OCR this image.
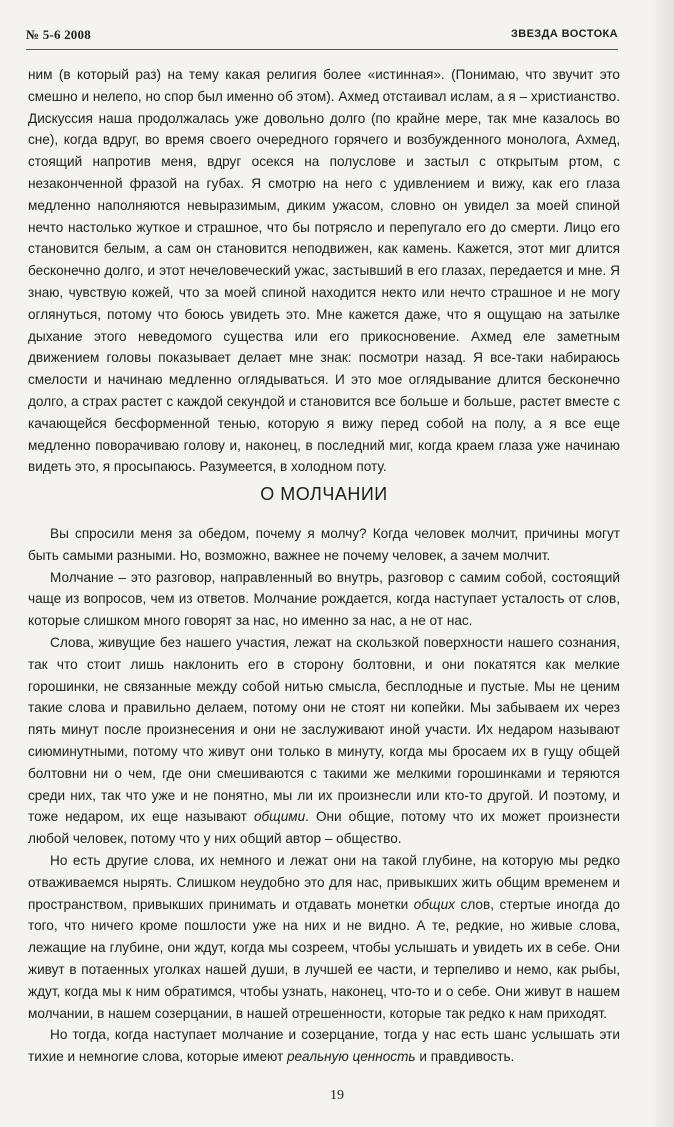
№ 5-6 2008	ЗВЕЗДА ВОСТОКА

ним (в который раз) на тему какая религия более «истинная». (Понимаю, что звучит это смешно и нелепо, но спор был именно об этом). Ахмед отстаивал ислам, а я – христианство. Дискуссия наша продолжалась уже довольно долго (по крайне мере, так мне казалось во сне), когда вдруг, во время своего очередного горячего и возбужденного монолога, Ахмед, стоящий напротив меня, вдруг осекся на полуслове и застыл с открытым ртом, с незаконченной фразой на губах. Я смотрю на него с удивлением и вижу, как его глаза медленно наполняются невыразимым, диким ужасом, словно он увидел за моей спиной нечто настолько жуткое и страшное, что бы потрясло и перепугало его до смерти. Лицо его становится белым, а сам он становится неподвижен, как камень. Кажется, этот миг длится бесконечно долго, и этот нечеловеческий ужас, застывший в его глазах, передается и мне. Я знаю, чувствую кожей, что за моей спиной находится некто или нечто страшное и не могу оглянуться, потому что боюсь увидеть это. Мне кажется даже, что я ощущаю на затылке дыхание этого неведомого существа или его прикосновение. Ахмед еле заметным движением головы показывает делает мне знак: посмотри назад. Я все-таки набираюсь смелости и начинаю медленно оглядываться. И это мое оглядывание длится бесконечно долго, а страх растет с каждой секундой и становится все больше и больше, растет вместе с качающейся бесформенной тенью, которую я вижу перед собой на полу, а я все еще медленно поворачиваю голову и, наконец, в последний миг, когда краем глаза уже начинаю видеть это, я просыпаюсь. Разумеется, в холодном поту.

О МОЛЧАНИИ

Вы спросили меня за обедом, почему я молчу? Когда человек молчит, причины могут быть самыми разными. Но, возможно, важнее не почему человек, а зачем молчит.

Молчание – это разговор, направленный во внутрь, разговор с самим собой, состоящий чаще из вопросов, чем из ответов. Молчание рождается, когда наступает усталость от слов, которые слишком много говорят за нас, но именно за нас, а не от нас.

Слова, живущие без нашего участия, лежат на скользкой поверхности нашего сознания, так что стоит лишь наклонить его в сторону болтовни, и они покатятся как мелкие горошинки, не связанные между собой нитью смысла, бесплодные и пустые. Мы не ценим такие слова и правильно делаем, потому они не стоят ни копейки. Мы забываем их через пять минут после произнесения и они не заслуживают иной участи. Их недаром называют сиюминутными, потому что живут они только в минуту, когда мы бросаем их в гущу общей болтовни ни о чем, где они смешиваются с такими же мелкими горошинками и теряются среди них, так что уже и не понятно, мы ли их произнесли или кто-то другой. И поэтому, и тоже недаром, их еще называют общими. Они общие, потому что их может произнести любой человек, потому что у них общий автор – общество.

Но есть другие слова, их немного и лежат они на такой глубине, на которую мы редко отваживаемся нырять. Слишком неудобно это для нас, привыкших жить общим временем и пространством, привыкших принимать и отдавать монетки общих слов, стертые иногда до того, что ничего кроме пошлости уже на них и не видно. А те, редкие, но живые слова, лежащие на глубине, они ждут, когда мы созреем, чтобы услышать и увидеть их в себе. Они живут в потаенных уголках нашей души, в лучшей ее части, и терпеливо и немо, как рыбы, ждут, когда мы к ним обратимся, чтобы узнать, наконец, что-то и о себе. Они живут в нашем молчании, в нашем созерцании, в нашей отрешенности, которые так редко к нам приходят.

Но тогда, когда наступает молчание и созерцание, тогда у нас есть шанс услышать эти тихие и немногие слова, которые имеют реальную ценность и правдивость.

19
